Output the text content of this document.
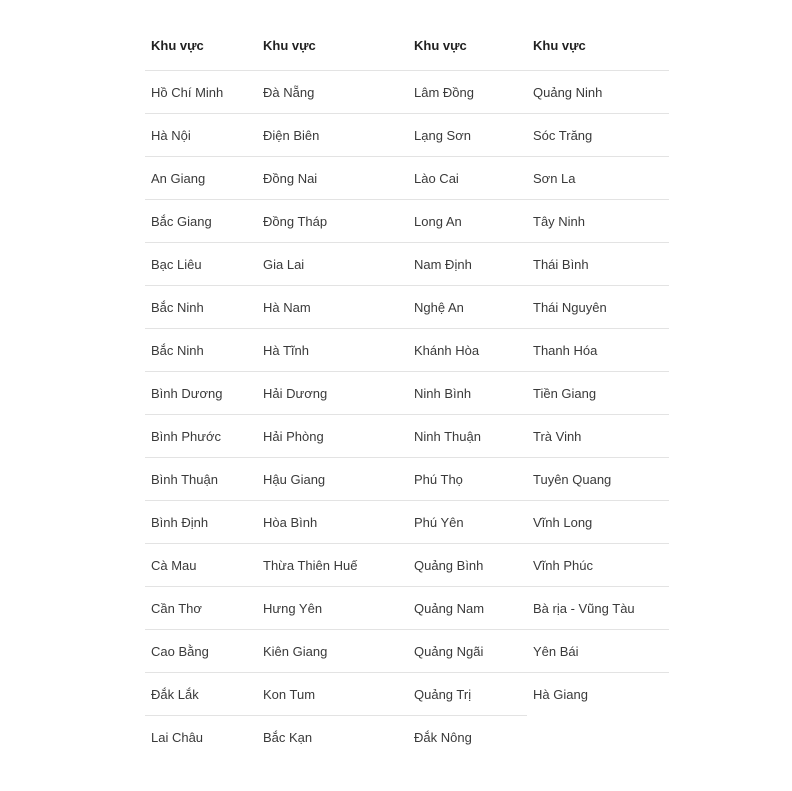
Khu vực	Khu vực	Khu vực	Khu vực
Hồ Chí Minh	Đà Nẵng	Lâm Đồng	Quảng Ninh
Hà Nội	Điện Biên	Lạng Sơn	Sóc Trăng
An Giang	Đồng Nai	Lào Cai	Sơn La
Bắc Giang	Đồng Tháp	Long An	Tây Ninh
Bạc Liêu	Gia Lai	Nam Định	Thái Bình
Bắc Ninh	Hà Nam	Nghệ An	Thái Nguyên
Bắc Ninh	Hà Tĩnh	Khánh Hòa	Thanh Hóa
Bình Dương	Hải Dương	Ninh Bình	Tiền Giang
Bình Phước	Hải Phòng	Ninh Thuận	Trà Vinh
Bình Thuận	Hậu Giang	Phú Thọ	Tuyên Quang
Bình Định	Hòa Bình	Phú Yên	Vĩnh Long
Cà Mau	Thừa Thiên Huế	Quảng Bình	Vĩnh Phúc
Cần Thơ	Hưng Yên	Quảng Nam	Bà rịa - Vũng Tàu
Cao Bằng	Kiên Giang	Quảng Ngãi	Yên Bái
Đắk Lắk	Kon Tum	Quảng Trị	Hà Giang
Lai Châu	Bắc Kạn	Đắk Nông	
